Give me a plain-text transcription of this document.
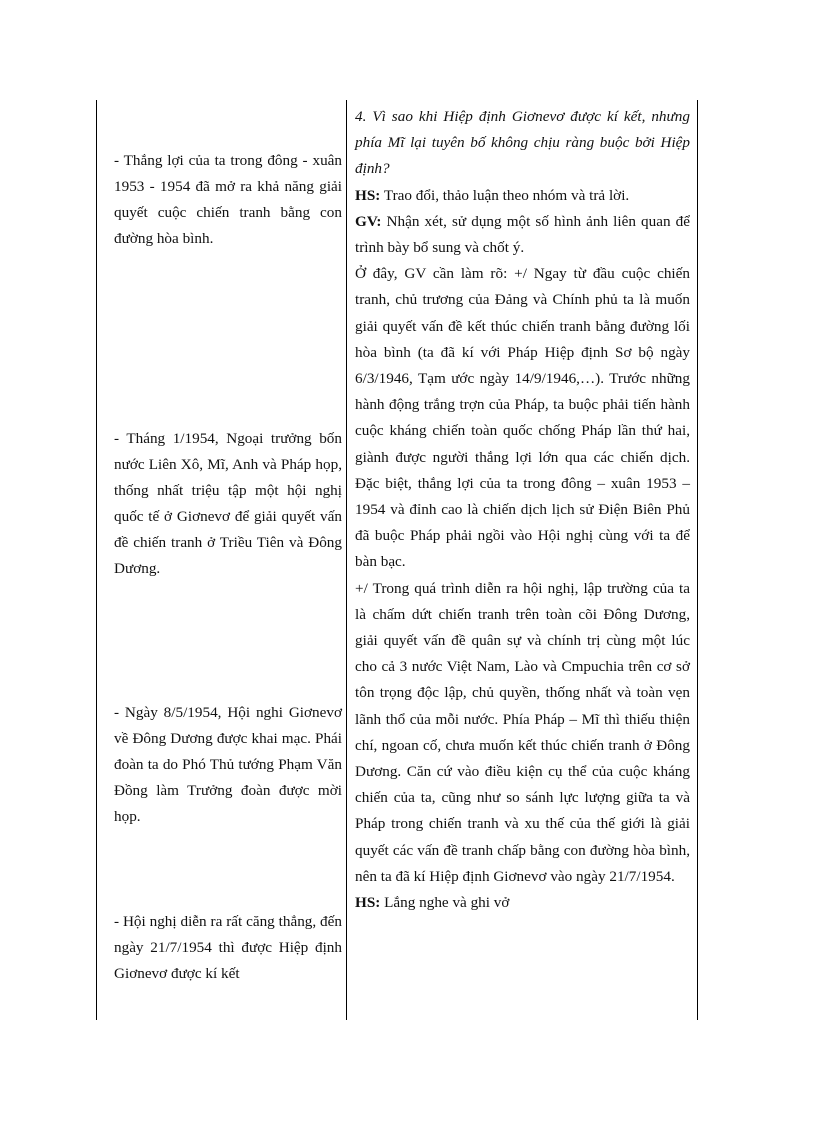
- Thắng lợi của ta trong đông - xuân 1953 - 1954 đã mở ra khả năng giải quyết cuộc chiến tranh bằng con đường hòa bình.
- Tháng 1/1954, Ngoại trưởng bốn nước Liên Xô, Mĩ, Anh và Pháp họp, thống nhất triệu tập một hội nghị quốc tế ở Giơnevơ để giải quyết vấn đề chiến tranh ở Triều Tiên và Đông Dương.
- Ngày 8/5/1954, Hội nghi Giơnevơ về Đông Dương được khai mạc. Phái đoàn ta do Phó Thủ tướng Phạm Văn Đồng làm Trưởng đoàn được mời họp.
- Hội nghị diễn ra rất căng thẳng, đến ngày 21/7/1954 thì được Hiệp định Giơnevơ được kí kết

4. Vì sao khi Hiệp định Giơnevơ được kí kết, nhưng phía Mĩ lại tuyên bố không chịu ràng buộc bởi Hiệp định?

HS: Trao đổi, thảo luận theo nhóm và trả lời.

GV: Nhận xét, sử dụng một số hình ảnh liên quan để trình bày bổ sung và chốt ý.

Ở đây, GV cần làm rõ: +/ Ngay từ đầu cuộc chiến tranh, chủ trương của Đảng và Chính phủ ta là muốn giải quyết vấn đề kết thúc chiến tranh bằng đường lối hòa bình (ta đã kí với Pháp Hiệp định Sơ bộ ngày 6/3/1946, Tạm ước ngày 14/9/1946,…). Trước những hành động trắng trợn của Pháp, ta buộc phải tiến hành cuộc kháng chiến toàn quốc chống Pháp lần thứ hai, giành được người thắng lợi lớn qua các chiến dịch. Đặc biệt, thắng lợi của ta trong đông – xuân 1953 – 1954 và đỉnh cao là chiến dịch lịch sử Điện Biên Phủ đã buộc Pháp phải ngồi vào Hội nghị cùng với ta để bàn bạc.

+/ Trong quá trình diễn ra hội nghị, lập trường của ta là chấm dứt chiến tranh trên toàn cõi Đông Dương, giải quyết vấn đề quân sự và chính trị cùng một lúc cho cả 3 nước Việt Nam, Lào và Cmpuchia trên cơ sở tôn trọng độc lập, chủ quyền, thống nhất và toàn vẹn lãnh thổ của mỗi nước. Phía Pháp – Mĩ thì thiếu thiện chí, ngoan cố, chưa muốn kết thúc chiến tranh ở Đông Dương. Căn cứ vào điều kiện cụ thể của cuộc kháng chiến của ta, cũng như so sánh lực lượng giữa ta và Pháp trong chiến tranh và xu thế của thế giới là giải quyết các vấn đề tranh chấp bằng con đường hòa bình, nên ta đã kí Hiệp định Giơnevơ vào ngày 21/7/1954.

HS: Lắng nghe và ghi vở
